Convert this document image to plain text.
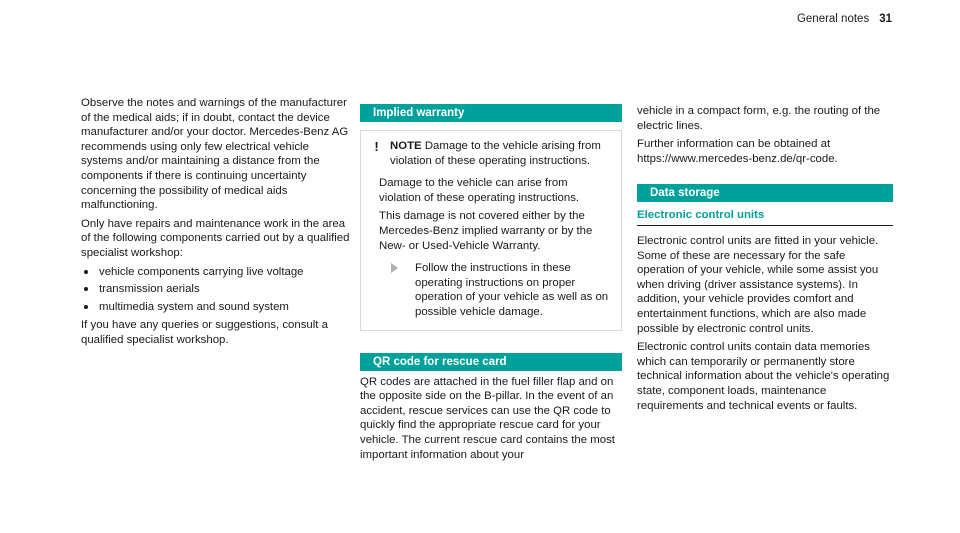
General notes 31

Observe the notes and warnings of the manufacturer of the medical aids; if in doubt, contact the device manufacturer and/or your doctor. Mercedes-Benz AG recommends using only few electrical vehicle systems and/or maintaining a distance from the components if there is continuing uncertainty concerning the possibility of medical aids malfunctioning.

Only have repairs and maintenance work in the area of the following components carried out by a qualified specialist workshop:

vehicle components carrying live voltage
transmission aerials
multimedia system and sound system

If you have any queries or suggestions, consult a qualified specialist workshop.

Implied warranty
! NOTE Damage to the vehicle arising from violation of these operating instructions.

Damage to the vehicle can arise from violation of these operating instructions.

This damage is not covered either by the Mercedes-Benz implied warranty or by the New- or Used-Vehicle Warranty.

Follow the instructions in these operating instructions on proper operation of your vehicle as well as on possible vehicle damage.
QR code for rescue card

QR codes are attached in the fuel filler flap and on the opposite side on the B-pillar. In the event of an accident, rescue services can use the QR code to quickly find the appropriate rescue card for your vehicle. The current rescue card contains the most important information about your

vehicle in a compact form, e.g. the routing of the electric lines.

Further information can be obtained at https://www.mercedes-benz.de/qr-code.

Data storage
Electronic control units

Electronic control units are fitted in your vehicle. Some of these are necessary for the safe operation of your vehicle, while some assist you when driving (driver assistance systems). In addition, your vehicle provides comfort and entertainment functions, which are also made possible by electronic control units.

Electronic control units contain data memories which can temporarily or permanently store technical information about the vehicle's operating state, component loads, maintenance requirements and technical events or faults.
